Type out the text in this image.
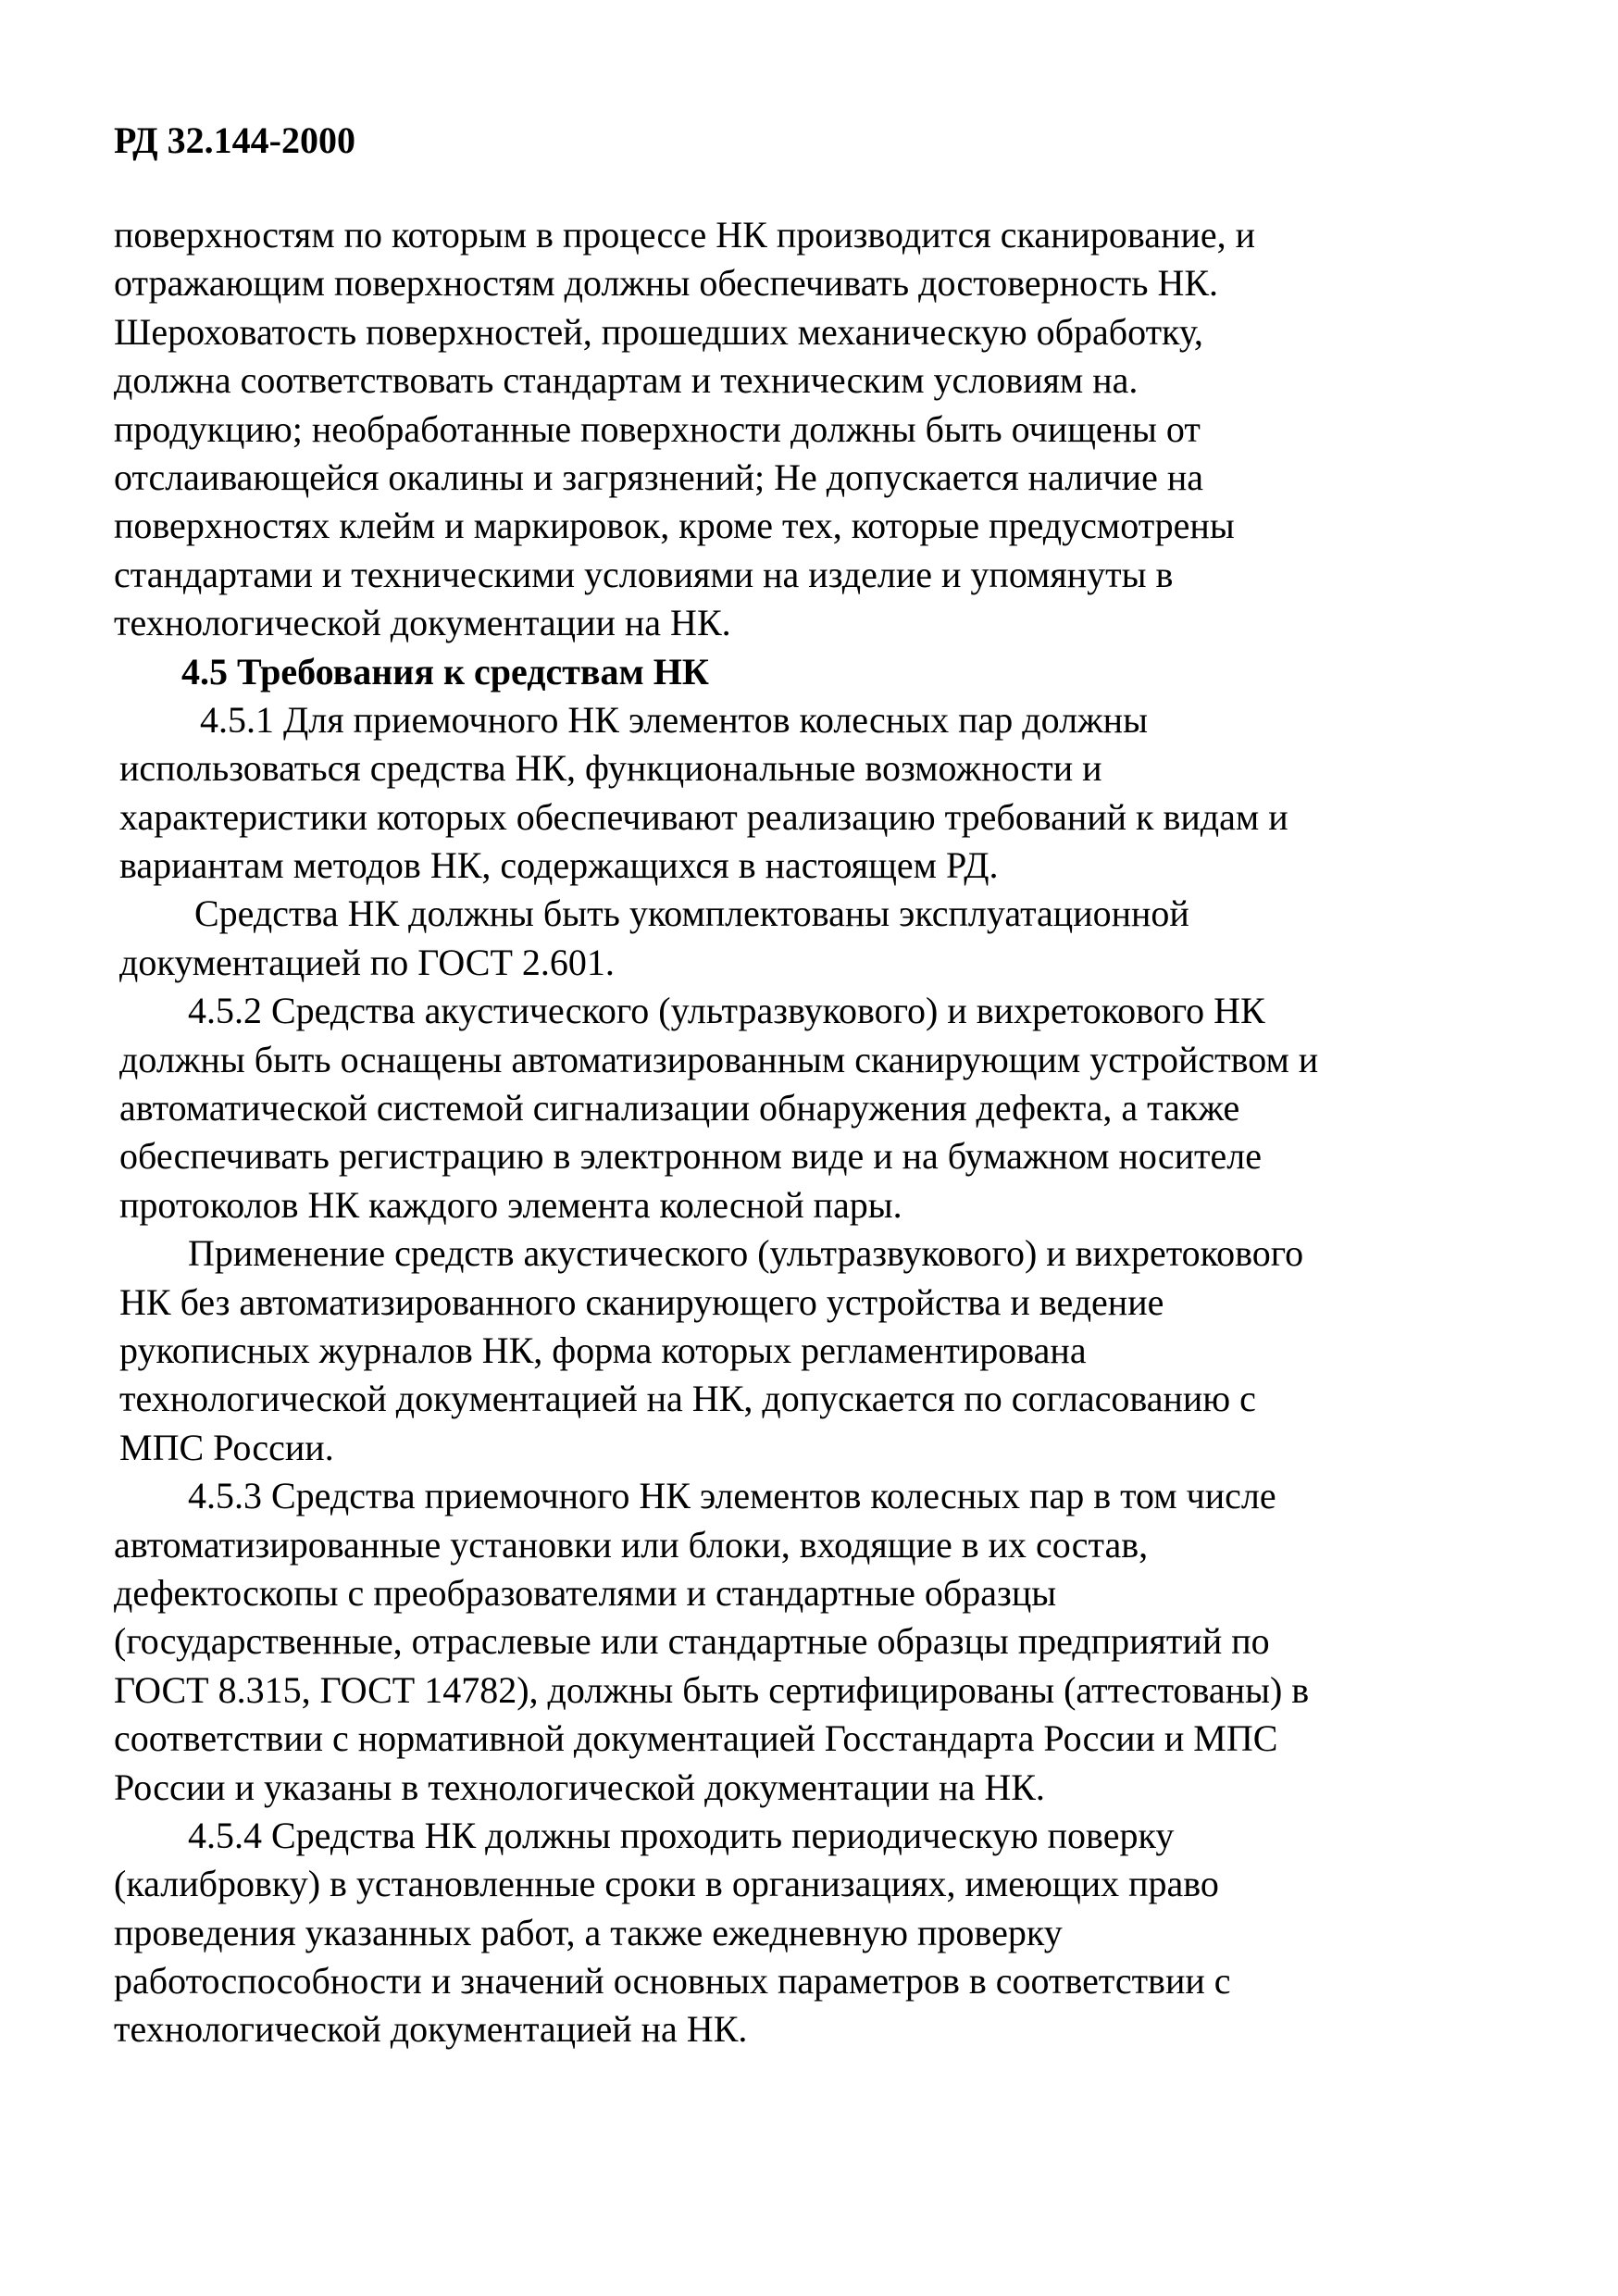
РД 32.144-2000
поверхностям по которым в процессе НК производится сканирование, и
отражающим поверхностям должны обеспечивать достоверность НК.
Шероховатость поверхностей, прошедших механическую обработку,
должна соответствовать стандартам и техническим условиям на.
продукцию; необработанные поверхности должны быть очищены от
отслаивающейся окалины и загрязнений; Не допускается наличие на
поверхностях клейм и маркировок, кроме тех, которые предусмотрены
стандартами и техническими условиями на изделие и упомянуты в
технологической документации на НК.
4.5 Требования к средствам НК
4.5.1 Для приемочного НК элементов колесных пар должны
использоваться средства НК, функциональные возможности и
характеристики которых обеспечивают реализацию требований к видам и
вариантам методов НК, содержащихся в настоящем РД.
Средства НК должны быть укомплектованы эксплуатационной
документацией по ГОСТ 2.601.
4.5.2 Средства акустического (ультразвукового) и вихретокового НК
должны быть оснащены автоматизированным сканирующим устройством и
автоматической системой сигнализации обнаружения дефекта, а также
обеспечивать регистрацию в электронном виде и на бумажном носителе
протоколов НК каждого элемента колесной пары.
Применение средств акустического (ультразвукового) и вихретокового
НК без автоматизированного сканирующего устройства и ведение
рукописных журналов НК, форма которых регламентирована
технологической документацией на НК, допускается по согласованию с
МПС России.
4.5.3 Средства приемочного НК элементов колесных пар в том числе
автоматизированные установки или блоки, входящие в их состав,
дефектоскопы с преобразователями и стандартные образцы
(государственные, отраслевые или стандартные образцы предприятий по
ГОСТ 8.315, ГОСТ 14782), должны быть сертифицированы (аттестованы) в
соответствии с нормативной документацией Госстандарта России и МПС
России и указаны в технологической документации на НК.
4.5.4 Средства НК должны проходить периодическую поверку
(калибровку) в установленные сроки в организациях, имеющих право
проведения указанных работ, а также ежедневную проверку
работоспособности и значений основных параметров в соответствии с
технологической документацией на НК.
